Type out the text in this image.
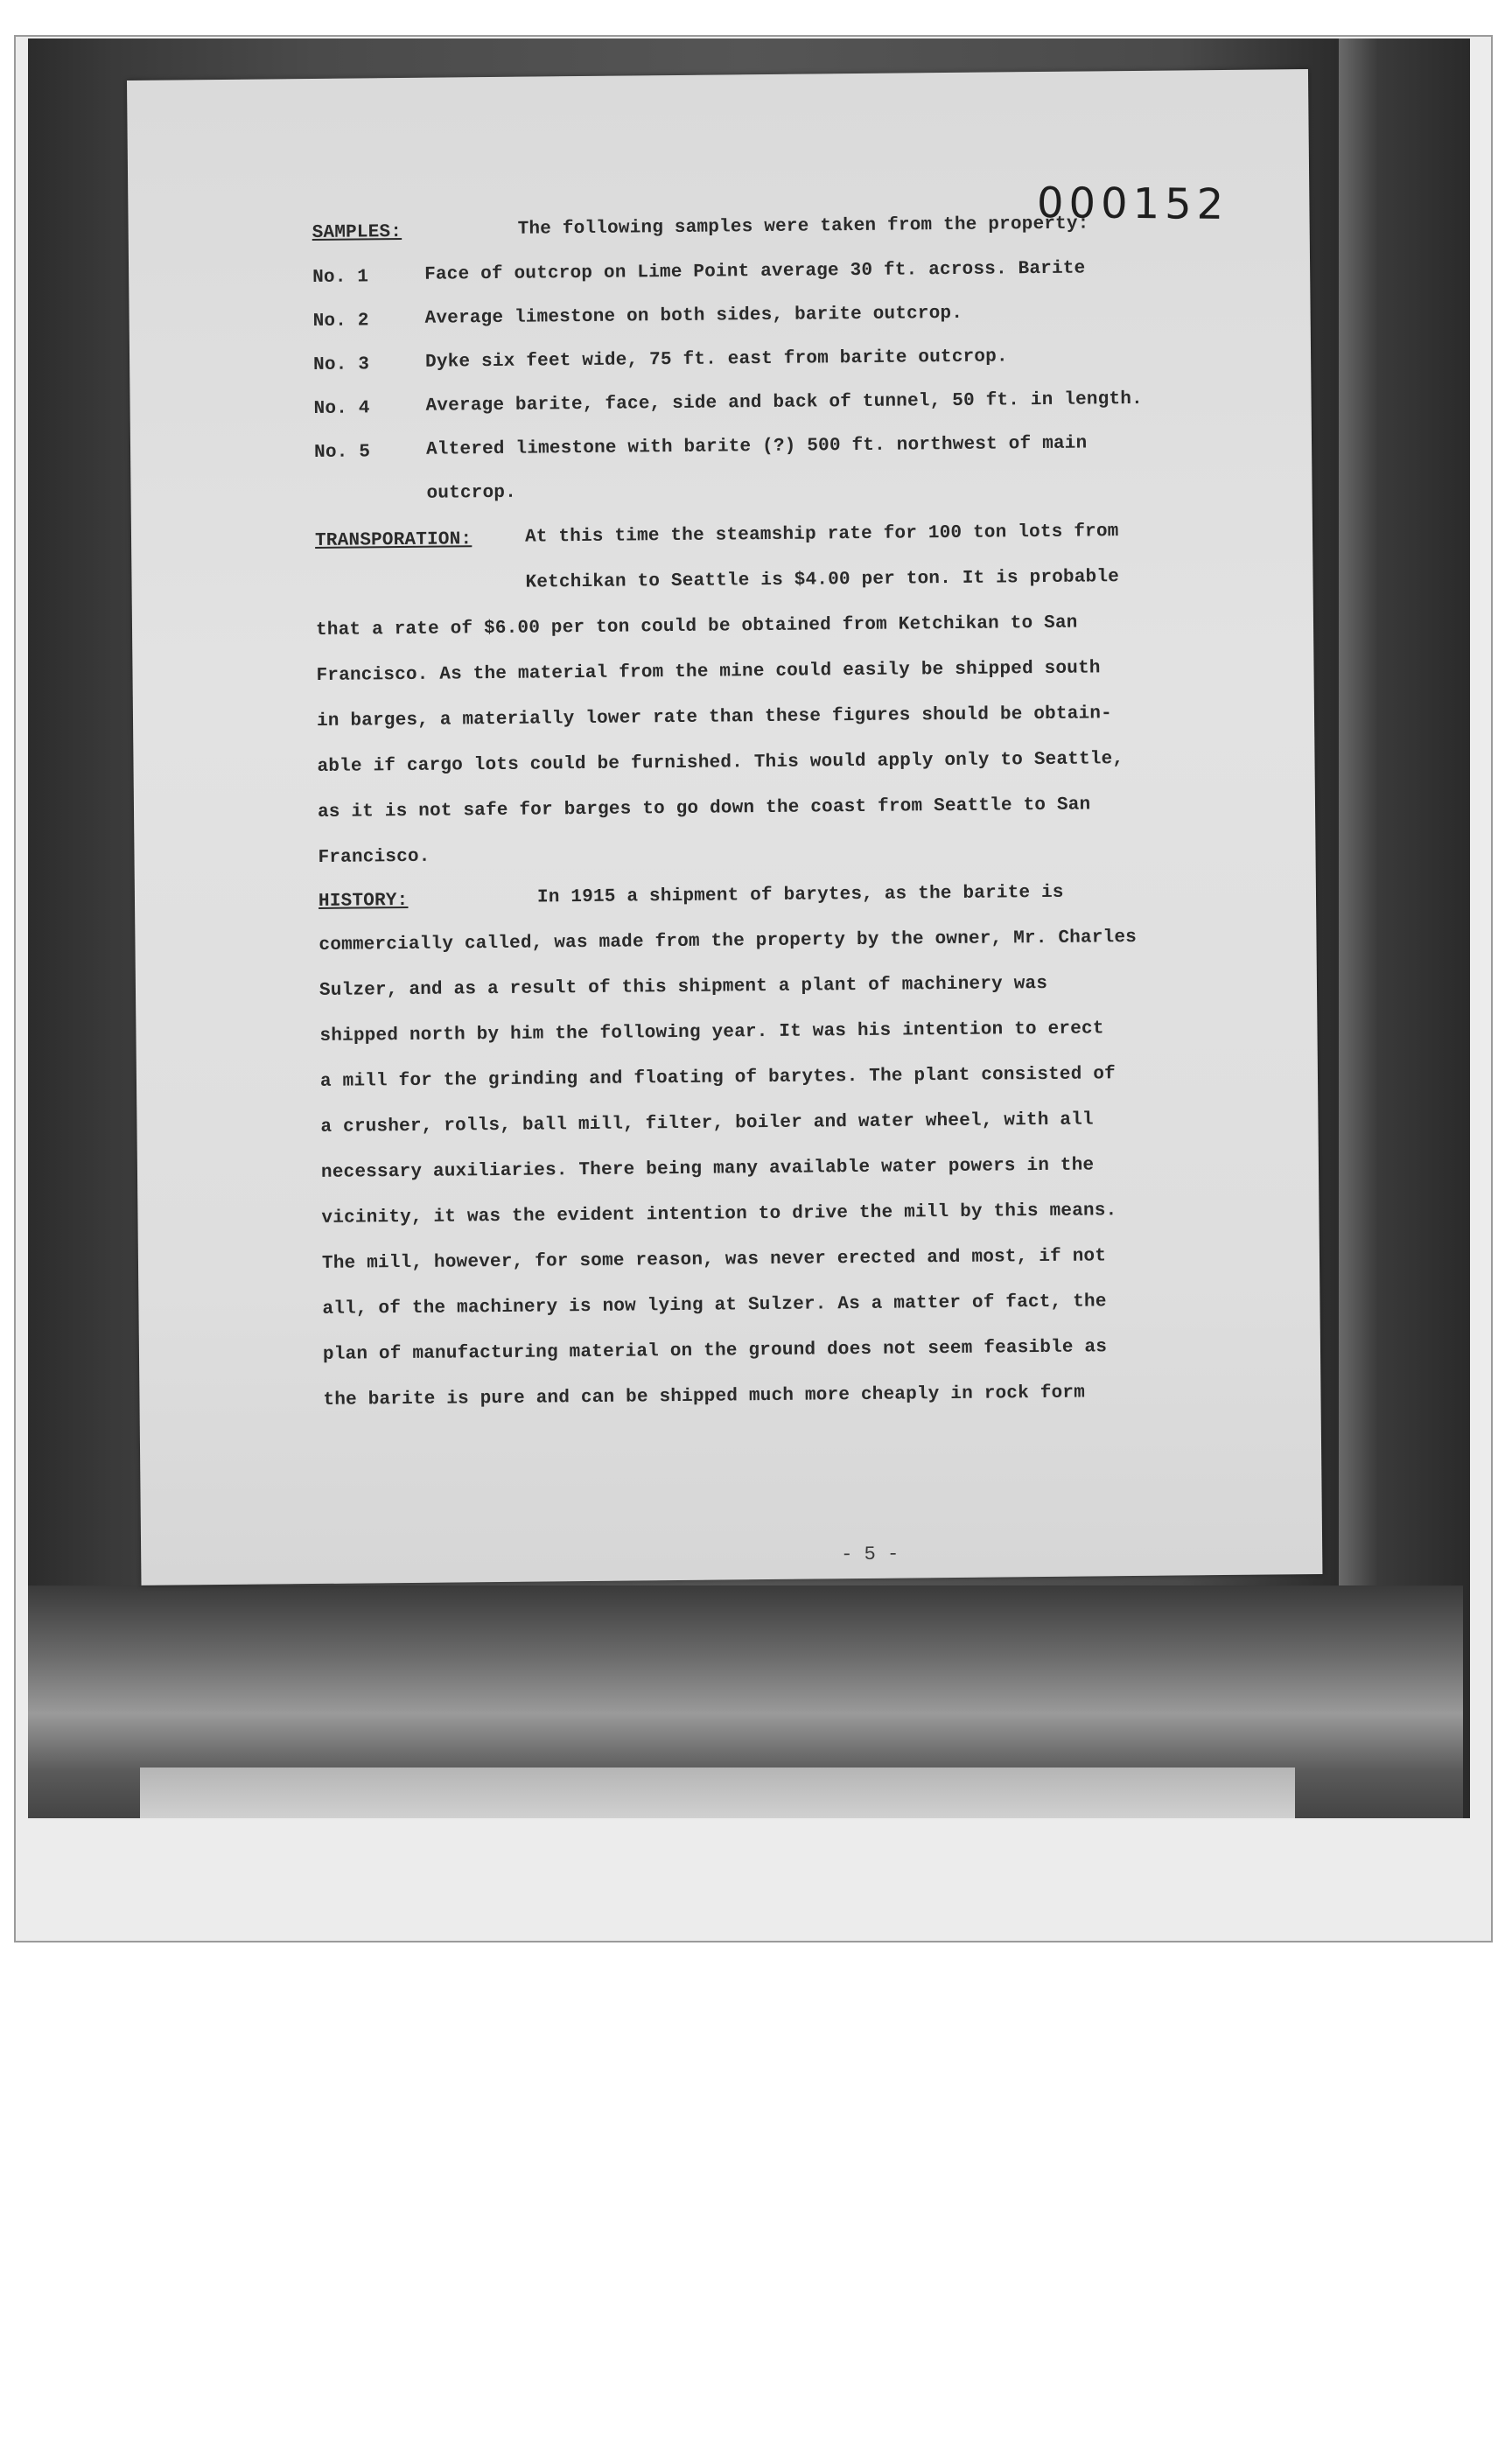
SAMPLES:	The following samples were taken from the property:
No. 1	Face of outcrop on Lime Point average 30 ft. across. Barite
No. 2	Average limestone on both sides, barite outcrop.
No. 3	Dyke six feet wide, 75 ft. east from barite outcrop.
No. 4	Average barite, face, side and back of tunnel, 50 ft. in length.
No. 5	Altered limestone with barite (?) 500 ft. northwest of main
outcrop.
TRANSPORATION:	At this time the steamship rate for 100 ton lots from
Ketchikan to Seattle is $4.00 per ton. It is probable
that a rate of $6.00 per ton could be obtained from Ketchikan to San
Francisco. As the material from the mine could easily be shipped south
in barges, a materially lower rate than these figures should be obtain-
able if cargo lots could be furnished. This would apply only to Seattle,
as it is not safe for barges to go down the coast from Seattle to San
Francisco.
HISTORY:	In 1915 a shipment of barytes, as the barite is
commercially called, was made from the property by the owner, Mr. Charles
Sulzer, and as a result of this shipment a plant of machinery was
shipped north by him the following year. It was his intention to erect
a mill for the grinding and floating of barytes. The plant consisted of
a crusher, rolls, ball mill, filter, boiler and water wheel, with all
necessary auxiliaries. There being many available water powers in the
vicinity, it was the evident intention to drive the mill by this means.
The mill, however, for some reason, was never erected and most, if not
all, of the machinery is now lying at Sulzer. As a matter of fact, the
plan of manufacturing material on the ground does not seem feasible as
the barite is pure and can be shipped much more cheaply in rock form
- 5 -
000152
